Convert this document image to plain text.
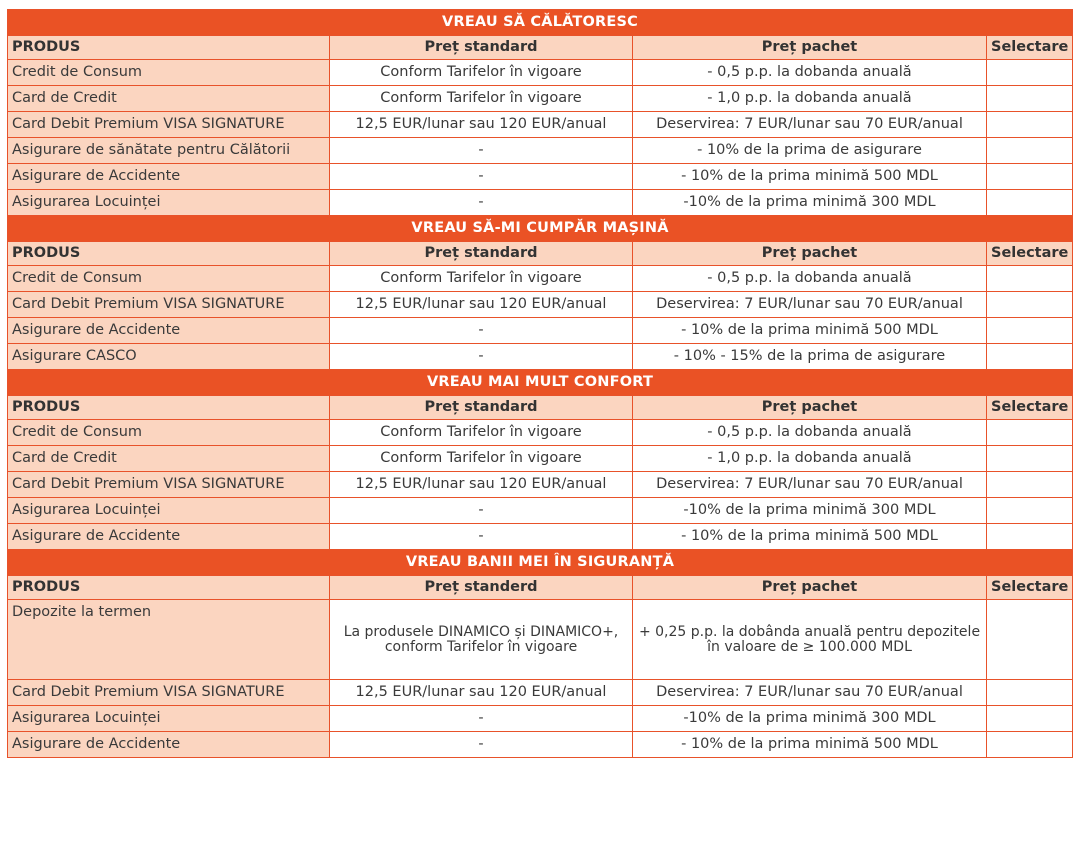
VREAU SĂ CĂLĂTORESC			
PRODUS	Preț standard	Preț pachet	Selectare
Credit de Consum	Conform Tarifelor în vigoare	- 0,5 p.p. la dobanda anuală	
Card de Credit	Conform Tarifelor în vigoare	- 1,0 p.p. la dobanda anuală	
Card Debit Premium VISA SIGNATURE	12,5 EUR/lunar sau 120 EUR/anual	Deservirea: 7 EUR/lunar sau 70 EUR/anual	
Asigurare de sănătate pentru Călătorii	-	- 10% de la prima de asigurare	
Asigurare de Accidente	-	- 10% de la prima minimă 500 MDL	
Asigurarea Locuinței	-	-10% de la prima minimă 300 MDL	
VREAU SĂ-MI CUMPĂR MAȘINĂ			
PRODUS	Preț standard	Preț pachet	Selectare
Credit de Consum	Conform Tarifelor în vigoare	- 0,5 p.p. la dobanda anuală	
Card Debit Premium VISA SIGNATURE	12,5 EUR/lunar sau 120 EUR/anual	Deservirea: 7 EUR/lunar sau 70 EUR/anual	
Asigurare de Accidente	-	- 10% de la prima minimă 500 MDL	
Asigurare CASCO	-	- 10% - 15% de la prima de asigurare	
VREAU MAI MULT CONFORT			
PRODUS	Preț standard	Preț pachet	Selectare
Credit de Consum	Conform Tarifelor în vigoare	- 0,5 p.p. la dobanda anuală	
Card de Credit	Conform Tarifelor în vigoare	- 1,0 p.p. la dobanda anuală	
Card Debit Premium VISA SIGNATURE	12,5 EUR/lunar sau 120 EUR/anual	Deservirea: 7 EUR/lunar sau 70 EUR/anual	
Asigurarea Locuinței	-	-10% de la prima minimă 300 MDL	
Asigurare de Accidente	-	- 10% de la prima minimă 500 MDL	
VREAU BANII MEI ÎN SIGURANȚĂ			
PRODUS	Preț standerd	Preț pachet	Selectare
Depozite la termen	La produsele DINAMICO și DINAMICO+, conform Tarifelor în vigoare	+ 0,25 p.p. la dobânda anuală pentru depozitele în valoare de ≥ 100.000 MDL	
Card Debit Premium VISA SIGNATURE	12,5 EUR/lunar sau 120 EUR/anual	Deservirea: 7 EUR/lunar sau 70 EUR/anual	
Asigurarea Locuinței	-	-10% de la prima minimă 300 MDL	
Asigurare de Accidente	-	- 10% de la prima minimă 500 MDL	
